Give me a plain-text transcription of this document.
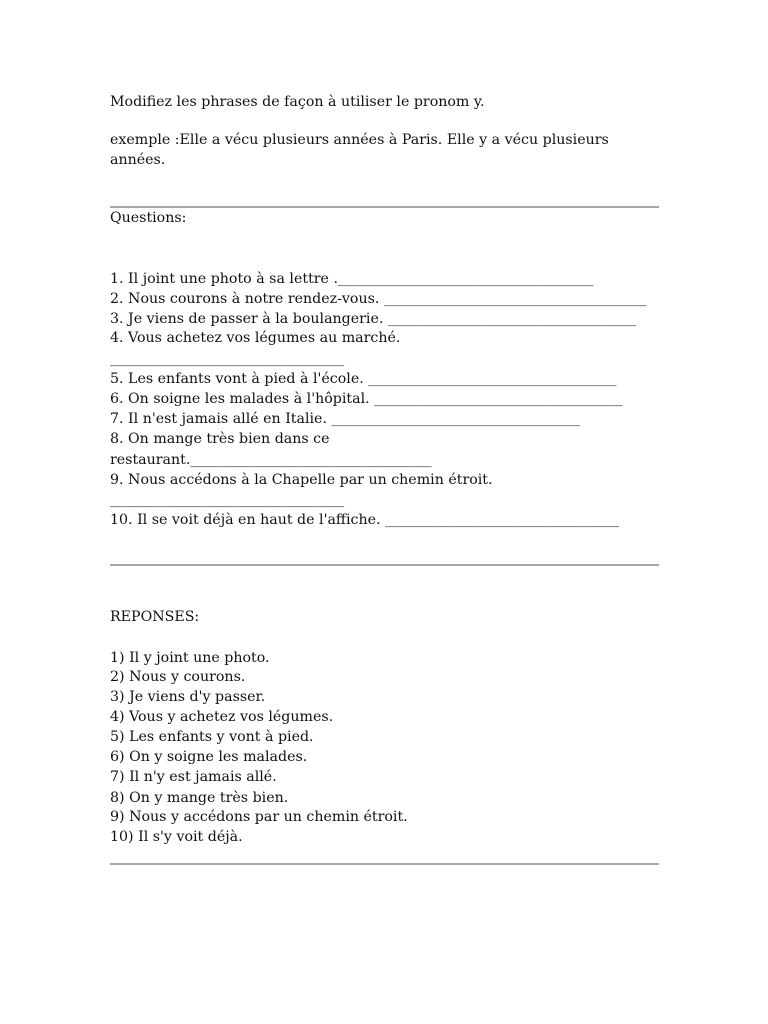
Modifiez les phrases de façon à utiliser le pronom y.
exemple :Elle a vécu plusieurs années à Paris. Elle y a vécu plusieurs
années.
Questions:
1. Il joint une photo à sa lettre .____________________________________
2. Nous courons à notre rendez-vous. _____________________________________
3. Je viens de passer à la boulangerie. ___________________________________
4. Vous achetez vos légumes au marché.
_________________________________
5. Les enfants vont à pied à l'école. ___________________________________
6. On soigne les malades à l'hôpital. ___________________________________
7. Il n'est jamais allé en Italie. ___________________________________
8. On mange très bien dans ce
restaurant.__________________________________
9. Nous accédons à la Chapelle par un chemin étroit.
_________________________________
10. Il se voit déjà en haut de l'affiche. _________________________________
REPONSES:
1) Il y joint une photo.
2) Nous y courons.
3) Je viens d'y passer.
4) Vous y achetez vos légumes.
5) Les enfants y vont à pied.
6) On y soigne les malades.
7) Il n'y est jamais allé.
8) On y mange très bien.
9) Nous y accédons par un chemin étroit.
10) Il s'y voit déjà.
